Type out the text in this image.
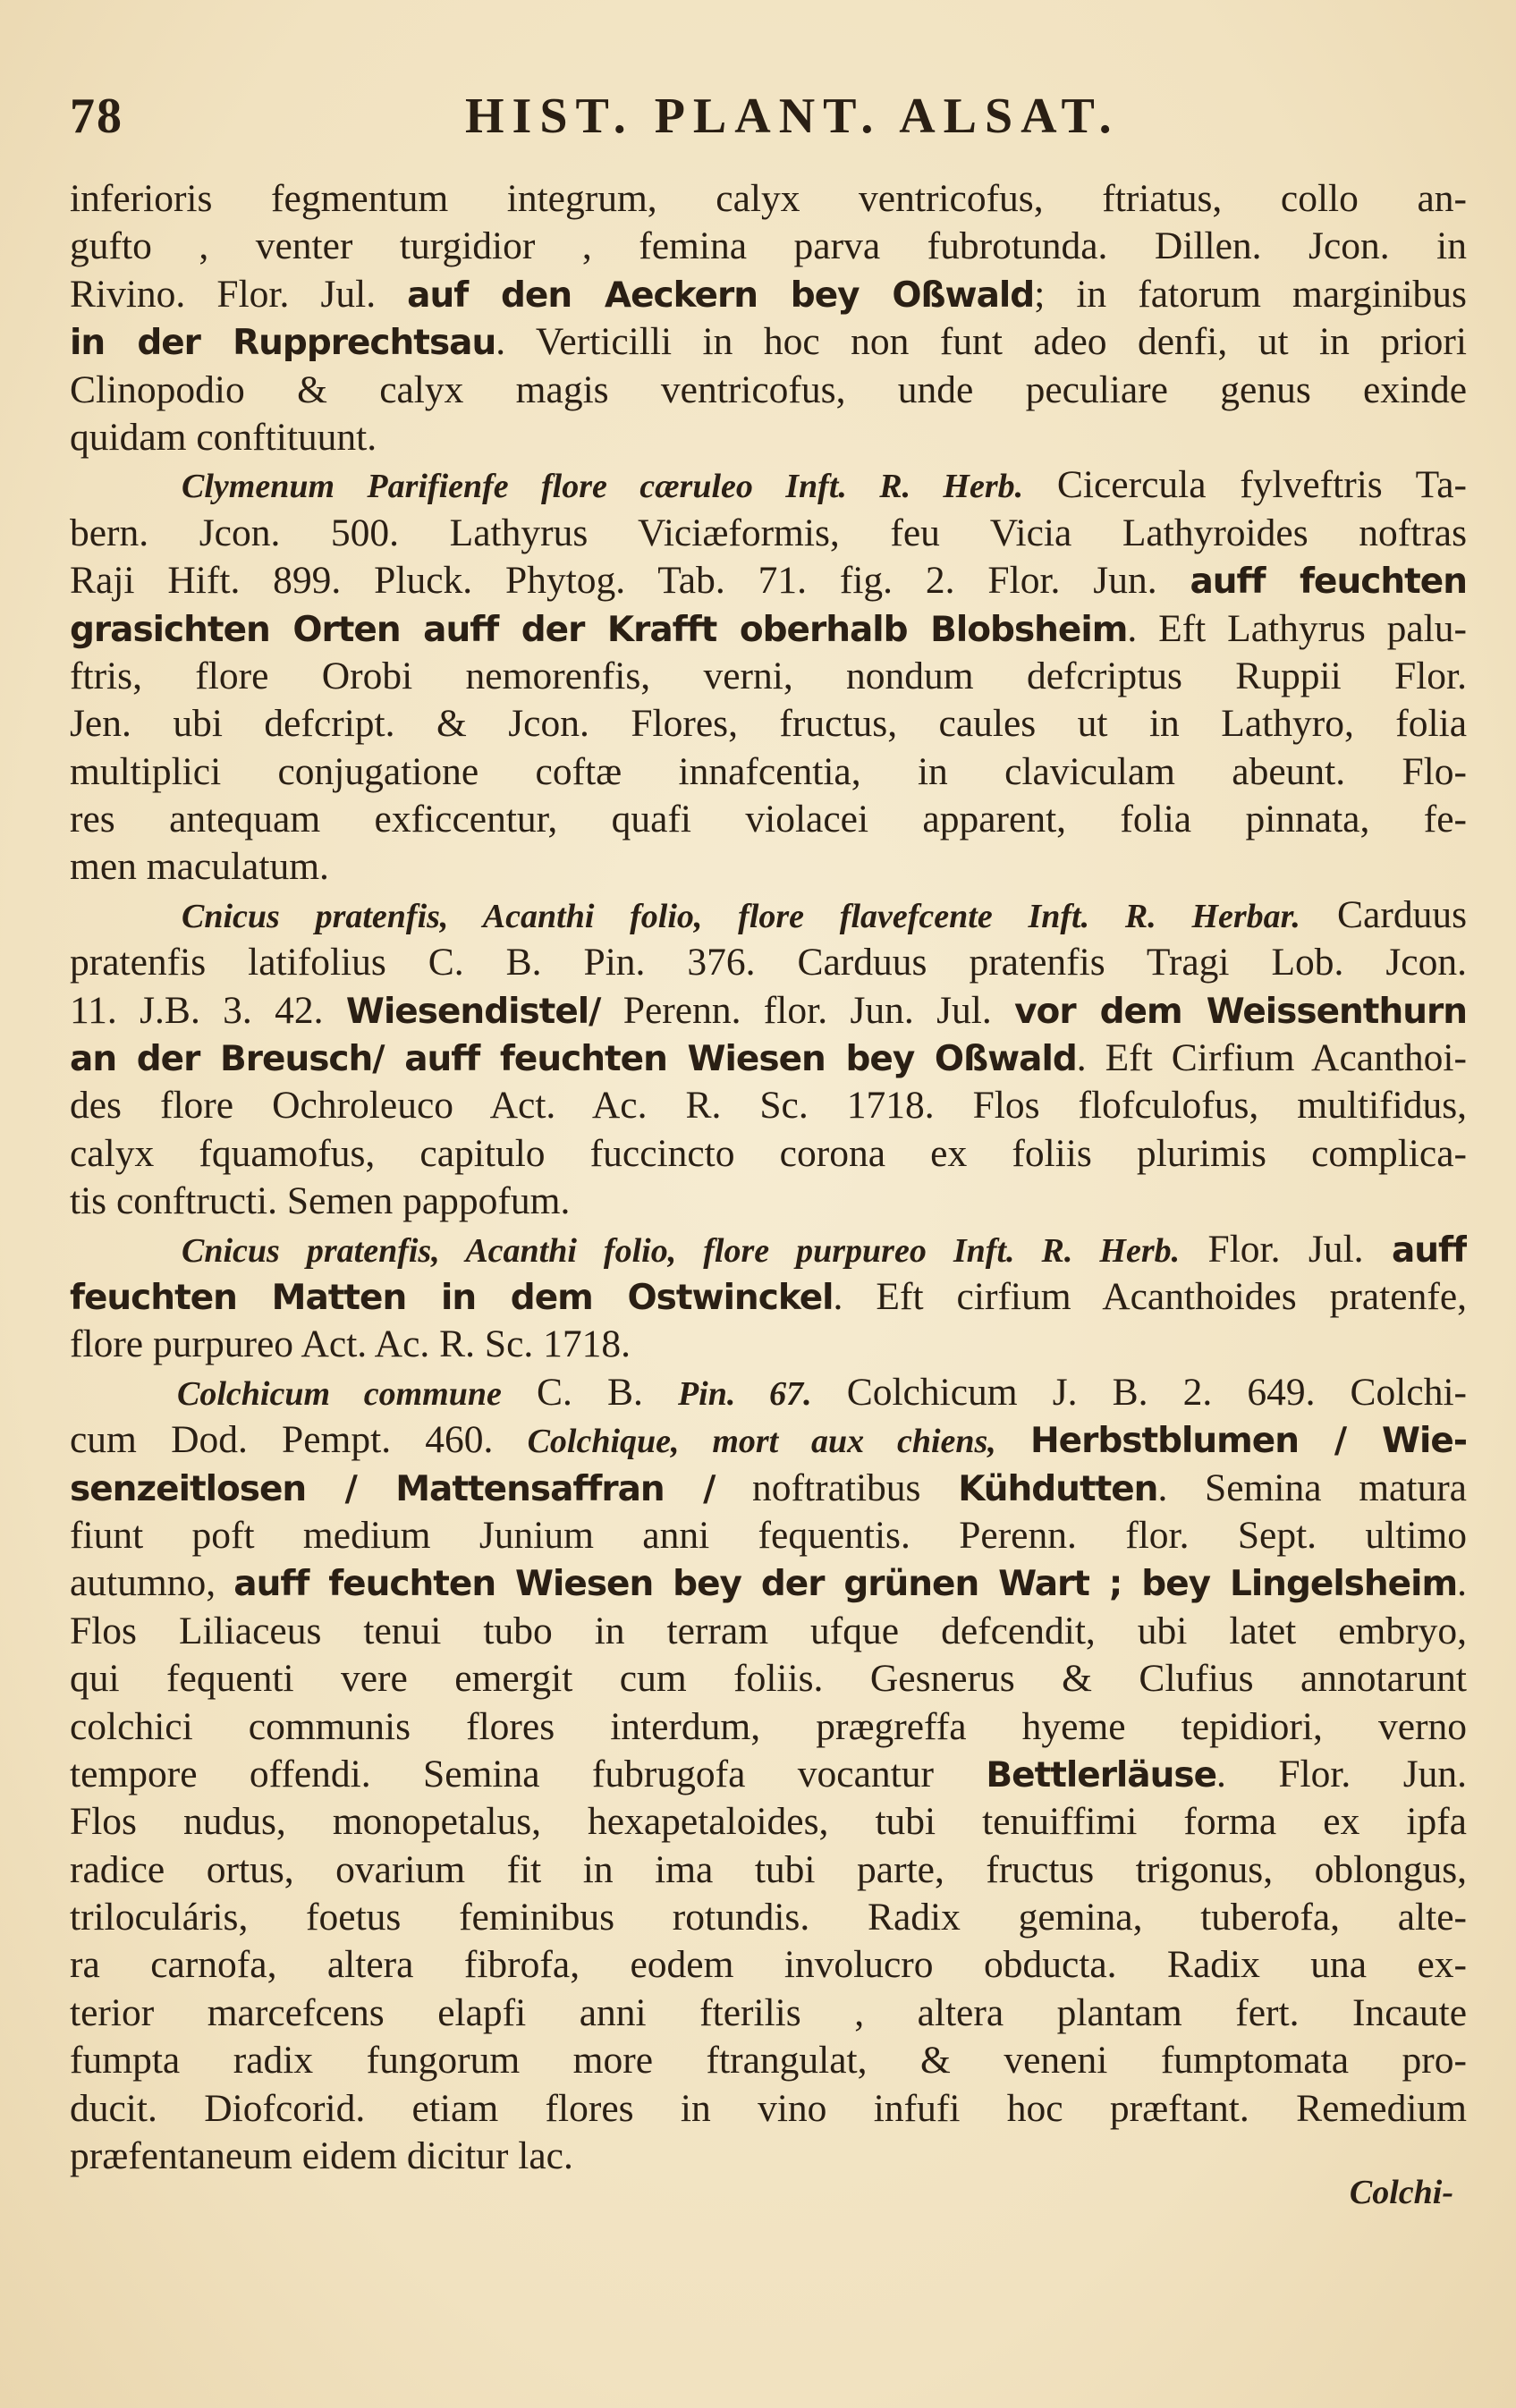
78	HIST. PLANT. ALSAT.
inferioris fegmentum integrum, calyx ventricofus, ftriatus, collo an-
gufto , venter turgidior , femina parva fubrotunda. Dillen. Jcon. in
Rivino. Flor. Jul. auf den Aeckern bey Oßwald; in fatorum marginibus
in der Rupprechtsau. Verticilli in hoc non funt adeo denfi, ut in priori
Clinopodio & calyx magis ventricofus, unde peculiare genus exinde
quidam conftituunt.
Clymenum Parifienfe flore cæruleo Inft. R. Herb. Cicercula fylveftris Ta-
bern. Jcon. 500. Lathyrus Viciæformis, feu Vicia Lathyroides noftras
Raji Hift. 899. Pluck. Phytog. Tab. 71. fig. 2. Flor. Jun. auff feuchten
grasichten Orten auff der Krafft oberhalb Blobsheim. Eft Lathyrus palu-
ftris, flore Orobi nemorenfis, verni, nondum defcriptus Ruppii Flor.
Jen. ubi defcript. & Jcon. Flores, fructus, caules ut in Lathyro, folia
multiplici conjugatione coftæ innafcentia, in claviculam abeunt. Flo-
res antequam exficcentur, quafi violacei apparent, folia pinnata, fe-
men maculatum.
Cnicus pratenfis, Acanthi folio, flore flavefcente Inft. R. Herbar. Carduus
pratenfis latifolius C. B. Pin. 376. Carduus pratenfis Tragi Lob. Jcon.
11. J.B. 3. 42. Wiesendistel/ Perenn. flor. Jun. Jul. vor dem Weissenthurn
an der Breusch/ auff feuchten Wiesen bey Oßwald. Eft Cirfium Acanthoi-
des flore Ochroleuco Act. Ac. R. Sc. 1718. Flos flofculofus, multifidus,
calyx fquamofus, capitulo fuccincto corona ex foliis plurimis complica-
tis conftructi. Semen pappofum.
Cnicus pratenfis, Acanthi folio, flore purpureo Inft. R. Herb. Flor. Jul. auff
feuchten Matten in dem Ostwinckel. Eft cirfium Acanthoides pratenfe,
flore purpureo Act. Ac. R. Sc. 1718.
Colchicum commune C. B. Pin. 67. Colchicum J. B. 2. 649. Colchi-
cum Dod. Pempt. 460. Colchique, mort aux chiens, Herbstblumen / Wie-
senzeitlosen / Mattensaffran / noftratibus Kühdutten. Semina matura
fiunt poft medium Junium anni fequentis. Perenn. flor. Sept. ultimo
autumno, auff feuchten Wiesen bey der grünen Wart ; bey Lingelsheim.
Flos Liliaceus tenui tubo in terram ufque defcendit, ubi latet embryo,
qui fequenti vere emergit cum foliis. Gesnerus & Clufius annotarunt
colchici communis flores interdum, prægreffa hyeme tepidiori, verno
tempore offendi. Semina fubrugofa vocantur Bettlerläuse. Flor. Jun.
Flos nudus, monopetalus, hexapetaloides, tubi tenuiffimi forma ex ipfa
radice ortus, ovarium fit in ima tubi parte, fructus trigonus, oblongus,
triloculáris, foetus feminibus rotundis. Radix gemina, tuberofa, alte-
ra carnofa, altera fibrofa, eodem involucro obducta. Radix una ex-
terior marcefcens elapfi anni fterilis , altera plantam fert. Incaute
fumpta radix fungorum more ftrangulat, & veneni fumptomata pro-
ducit. Diofcorid. etiam flores in vino infufi hoc præftant. Remedium
præfentaneum eidem dicitur lac.
Colchi-
